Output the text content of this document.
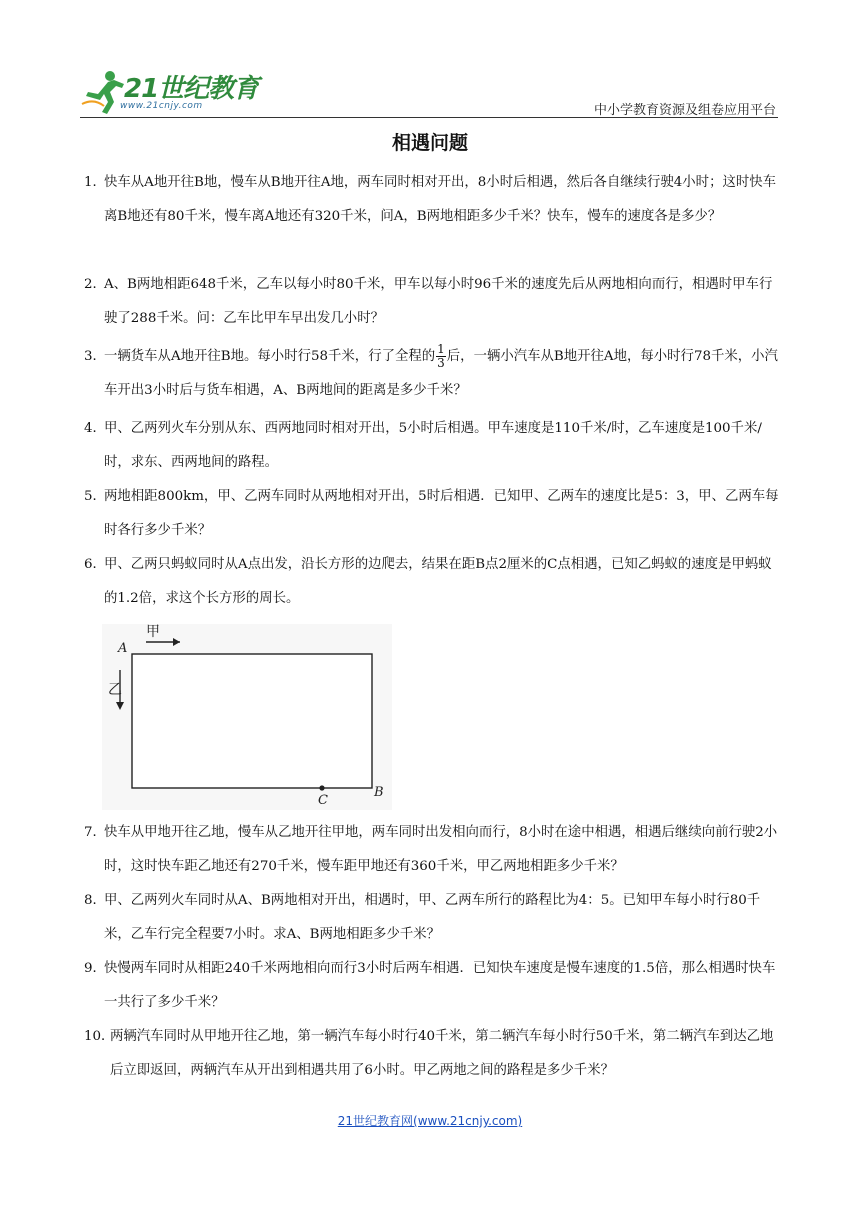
21世纪教育
www.21cnjy.com	中小学教育资源及组卷应用平台
相遇问题
1．
快车从A地开往B地，慢车从B地开往A地，两车同时相对开出，8小时后相遇，然后各自继续行驶4小时；这时快车离B地还有80千米，慢车离A地还有320千米，问A，B两地相距多少千米？快车，慢车的速度各是多少？
2．
A、B两地相距648千米，乙车以每小时80千米，甲车以每小时96千米的速度先后从两地相向而行，相遇时甲车行驶了288千米。问：乙车比甲车早出发几小时？
3．
一辆货车从A地开往B地。每小时行58千米，行了全程的 $\frac{1}{3}$ 后，一辆小汽车从B地开往A地，每小时行78千米，小汽车开出3小时后与货车相遇，A、B两地间的距离是多少千米？
4．
甲、乙两列火车分别从东、西两地同时相对开出，5小时后相遇。甲车速度是110千米/时，乙车速度是100千米/时，求东、西两地间的路程。
5．
两地相距800km，甲、乙两车同时从两地相对开出，5时后相遇．已知甲、乙两车的速度比是5：3，甲、乙两车每时各行多少千米？
6．
甲、乙两只蚂蚁同时从A点出发，沿长方形的边爬去，结果在距B点2厘米的C点相遇，已知乙蚂蚁的速度是甲蚂蚁的1.2倍，求这个长方形的周长。
甲
乙
A
B
C
7．
快车从甲地开往乙地，慢车从乙地开往甲地，两车同时出发相向而行，8小时在途中相遇，相遇后继续向前行驶2小时，这时快车距乙地还有270千米，慢车距甲地还有360千米，甲乙两地相距多少千米？
8．
甲、乙两列火车同时从A、B两地相对开出，相遇时，甲、乙两车所行的路程比为4：5。已知甲车每小时行80千米，乙车行完全程要7小时。求A、B两地相距多少千米？
9．
快慢两车同时从相距240千米两地相向而行3小时后两车相遇．已知快车速度是慢车速度的1.5倍，那么相遇时快车一共行了多少千米？
10．
两辆汽车同时从甲地开往乙地，第一辆汽车每小时行40千米，第二辆汽车每小时行50千米，第二辆汽车到达乙地后立即返回，两辆汽车从开出到相遇共用了6小时。甲乙两地之间的路程是多少千米？
21世纪教育网(www.21cnjy.com)
